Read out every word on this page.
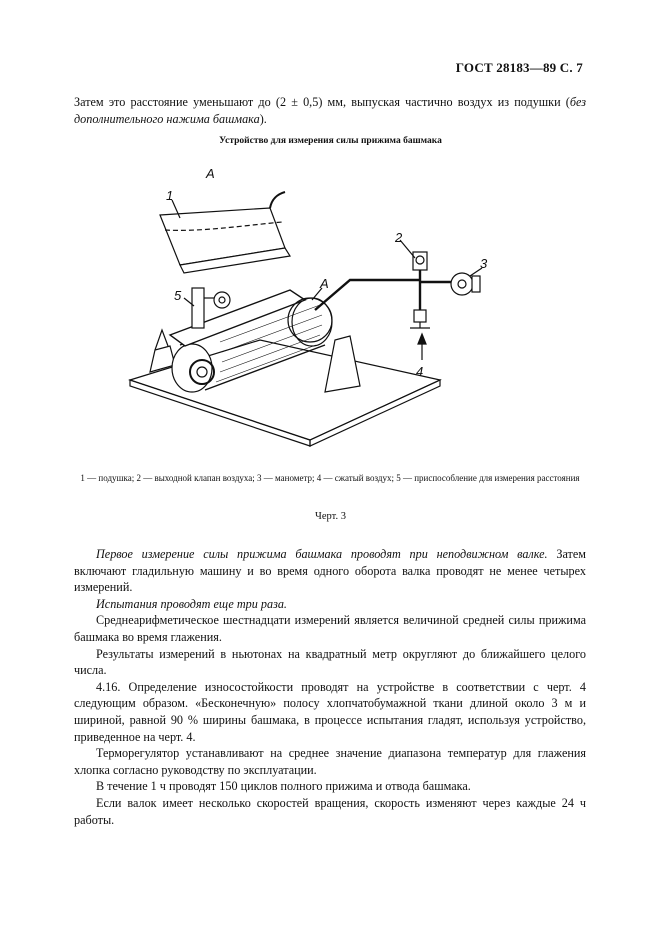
ГОСТ 28183—89 С. 7

Затем это расстояние уменьшают до (2 ± 0,5) мм, выпуская частично воздух из подушки (без дополнительного нажима башмака).

Устройство для измерения силы прижима башмака
A
1
2
3
4
5
A
1 — подушка; 2 — выходной клапан воздуха; 3 — манометр; 4 — сжатый воздух; 5 — приспособление для измерения расстояния
Черт. 3

Первое измерение силы прижима башмака проводят при неподвижном валке. Затем включают гладильную машину и во время одного оборота валка проводят не менее четырех измерений.

Испытания проводят еще три раза.

Среднеарифметическое шестнадцати измерений является величиной средней силы прижима башмака во время глажения.

Результаты измерений в ньютонах на квадратный метр округляют до ближайшего целого числа.

4.16. Определение износостойкости проводят на устройстве в соответствии с черт. 4 следующим образом. «Бесконечную» полосу хлопчатобумажной ткани длиной около 3 м и шириной, равной 90 % ширины башмака, в процессе испытания гладят, используя устройство, приведенное на черт. 4.

Терморегулятор устанавливают на среднее значение диапазона температур для глажения хлопка согласно руководству по эксплуатации.

В течение 1 ч проводят 150 циклов полного прижима и отвода башмака.

Если валок имеет несколько скоростей вращения, скорость изменяют через каждые 24 ч работы.
